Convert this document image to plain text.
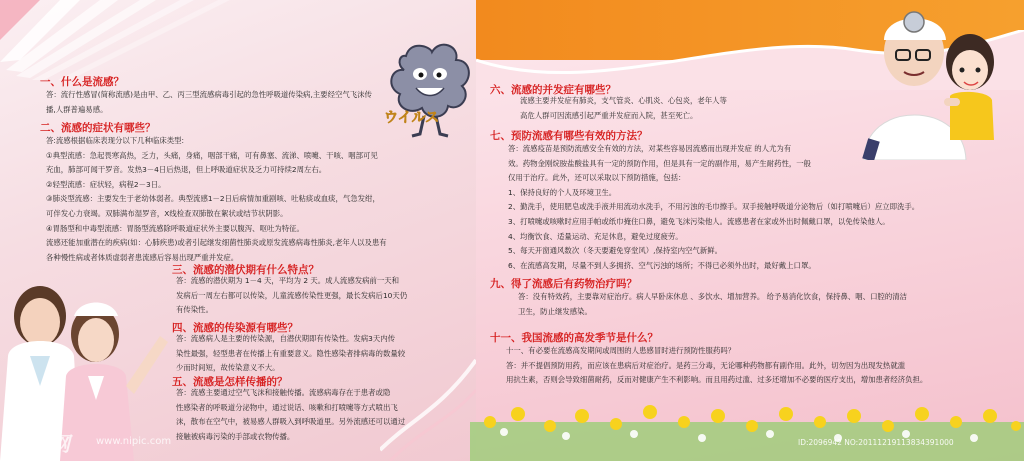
一、什么是流感？

答：流行性感冒(简称流感)是由甲、乙、丙三型流感病毒引起的急性呼吸道传染病,主要经空气飞沫传

播,人群普遍易感。

二、流感的症状有哪些？

答:流感根据临床表现分以下几种临床类型:

①典型流感：急起畏寒高热，乏力，头痛，身痛，咽部干痛，可有鼻塞、流涕、喷嚏、干咳、咽部可见

充血，肺部可闻干罗音。发热3－4日后热退，但上呼吸道症状及乏力可持续2周左右。

②轻型流感：症状轻，病程2－3日。

③肺炎型流感：主要发生于老幼体弱者。典型流感1－2日后病情加重剧咳、吐粘痰或血痰，气急发绀，

可伴发心力衰竭。双肺满布湿罗音，X线检查双肺散在絮状或结节状阴影。

④胃肠型和中毒型流感：胃肠型流感除呼吸道症状外主要以腹泻、呕吐为特征。

流感还能加重潜在的疾病(如：心肺疾患)或者引起继发细菌性肺炎或原发流感病毒性肺炎,老年人以及患有

各种慢性病或者体质虚弱者患流感后容易出现严重并发症。

三、流感的潜伏期有什么特点？

答：流感的潜伏期为 1－4 天，平均为 2 天。成人流感发病前一天和

发病后一周左右都可以传染，儿童流感传染性更强，最长发病后10天仍

有传染性。

四、流感的传染源有哪些？

答：流感病人是主要的传染源，自潜伏期即有传染性。发病3天内传

染性最强，轻型患者在传播上有重要意义。隐性感染者排病毒的数量较

少而时间短，故传染意义不大。

五、流感是怎样传播的？

答：流感主要通过空气飞沫和接触传播。流感病毒存在于患者或隐

性感染者的呼吸道分泌物中，通过说话、咳嗽和打喷嚏等方式喷出飞

沫，散布在空气中，被易感人群吸入到呼吸道里。另外流感还可以通过

接触被病毒污染的手部或衣物传播。

ウイルス
六、流感的并发症有哪些？

流感主要并发症有肺炎，支气管炎、心肌炎、心包炎，老年人等

高危人群可因流感引起严重并发症而入院，甚至死亡。

七、预防流感有哪些有效的方法？

答：流感疫苗是预防流感安全有效的方法，对某些容易因流感而出现并发症 的人尤为有

效。药物金刚烷胺盐酸盐具有一定的预防作用，但是具有一定的副作用，易产生耐药性，一般

仅用于治疗。此外，还可以采取以下预防措施，包括：

1、保持良好的个人及环境卫生。

2、勤洗手，使用肥皂或洗手液并用流动水洗手，不用污浊的毛巾擦手。双手接触呼吸道分泌物后（如打喷嚏后）应立即洗手。

3、打喷嚏或咳嗽时应用手帕或纸巾掩住口鼻，避免飞沫污染他人。流感患者在家或外出时佩戴口罩，以免传染他人。

4、均衡饮食、适量运动、充足休息，避免过度疲劳。

5、每天开窗通风数次（冬天要避免穿堂风）,保持室内空气新鲜。

6、在流感高发期，尽量不到人多拥挤、空气污浊的场所；不得已必须外出时，最好戴上口罩。

九、得了流感后有药物治疗吗？

答：没有特效药，主要靠对症治疗。病人早卧床休息 、多饮水、增加营养。 给予易消化饮食，保持鼻、咽、口腔的清洁

卫生，防止继发感染。

十一、我国流感的高发季节是什么？

十一、有必要在流感高发期间或周围的人患感冒时进行预防性服药吗？

答：并不提倡预防用药，而应该在患病后对症治疗。是药三分毒，无论哪种药物都有副作用。此外，切勿因为出现发热就滥

用抗生素，否则会导致细菌耐药，反而对健康产生不利影响。而且用药过滥、过多还增加不必要的医疗支出，增加患者经济负担。

昵享网	www.nipic.com	ID:2096942 NO:20111219113834391000
